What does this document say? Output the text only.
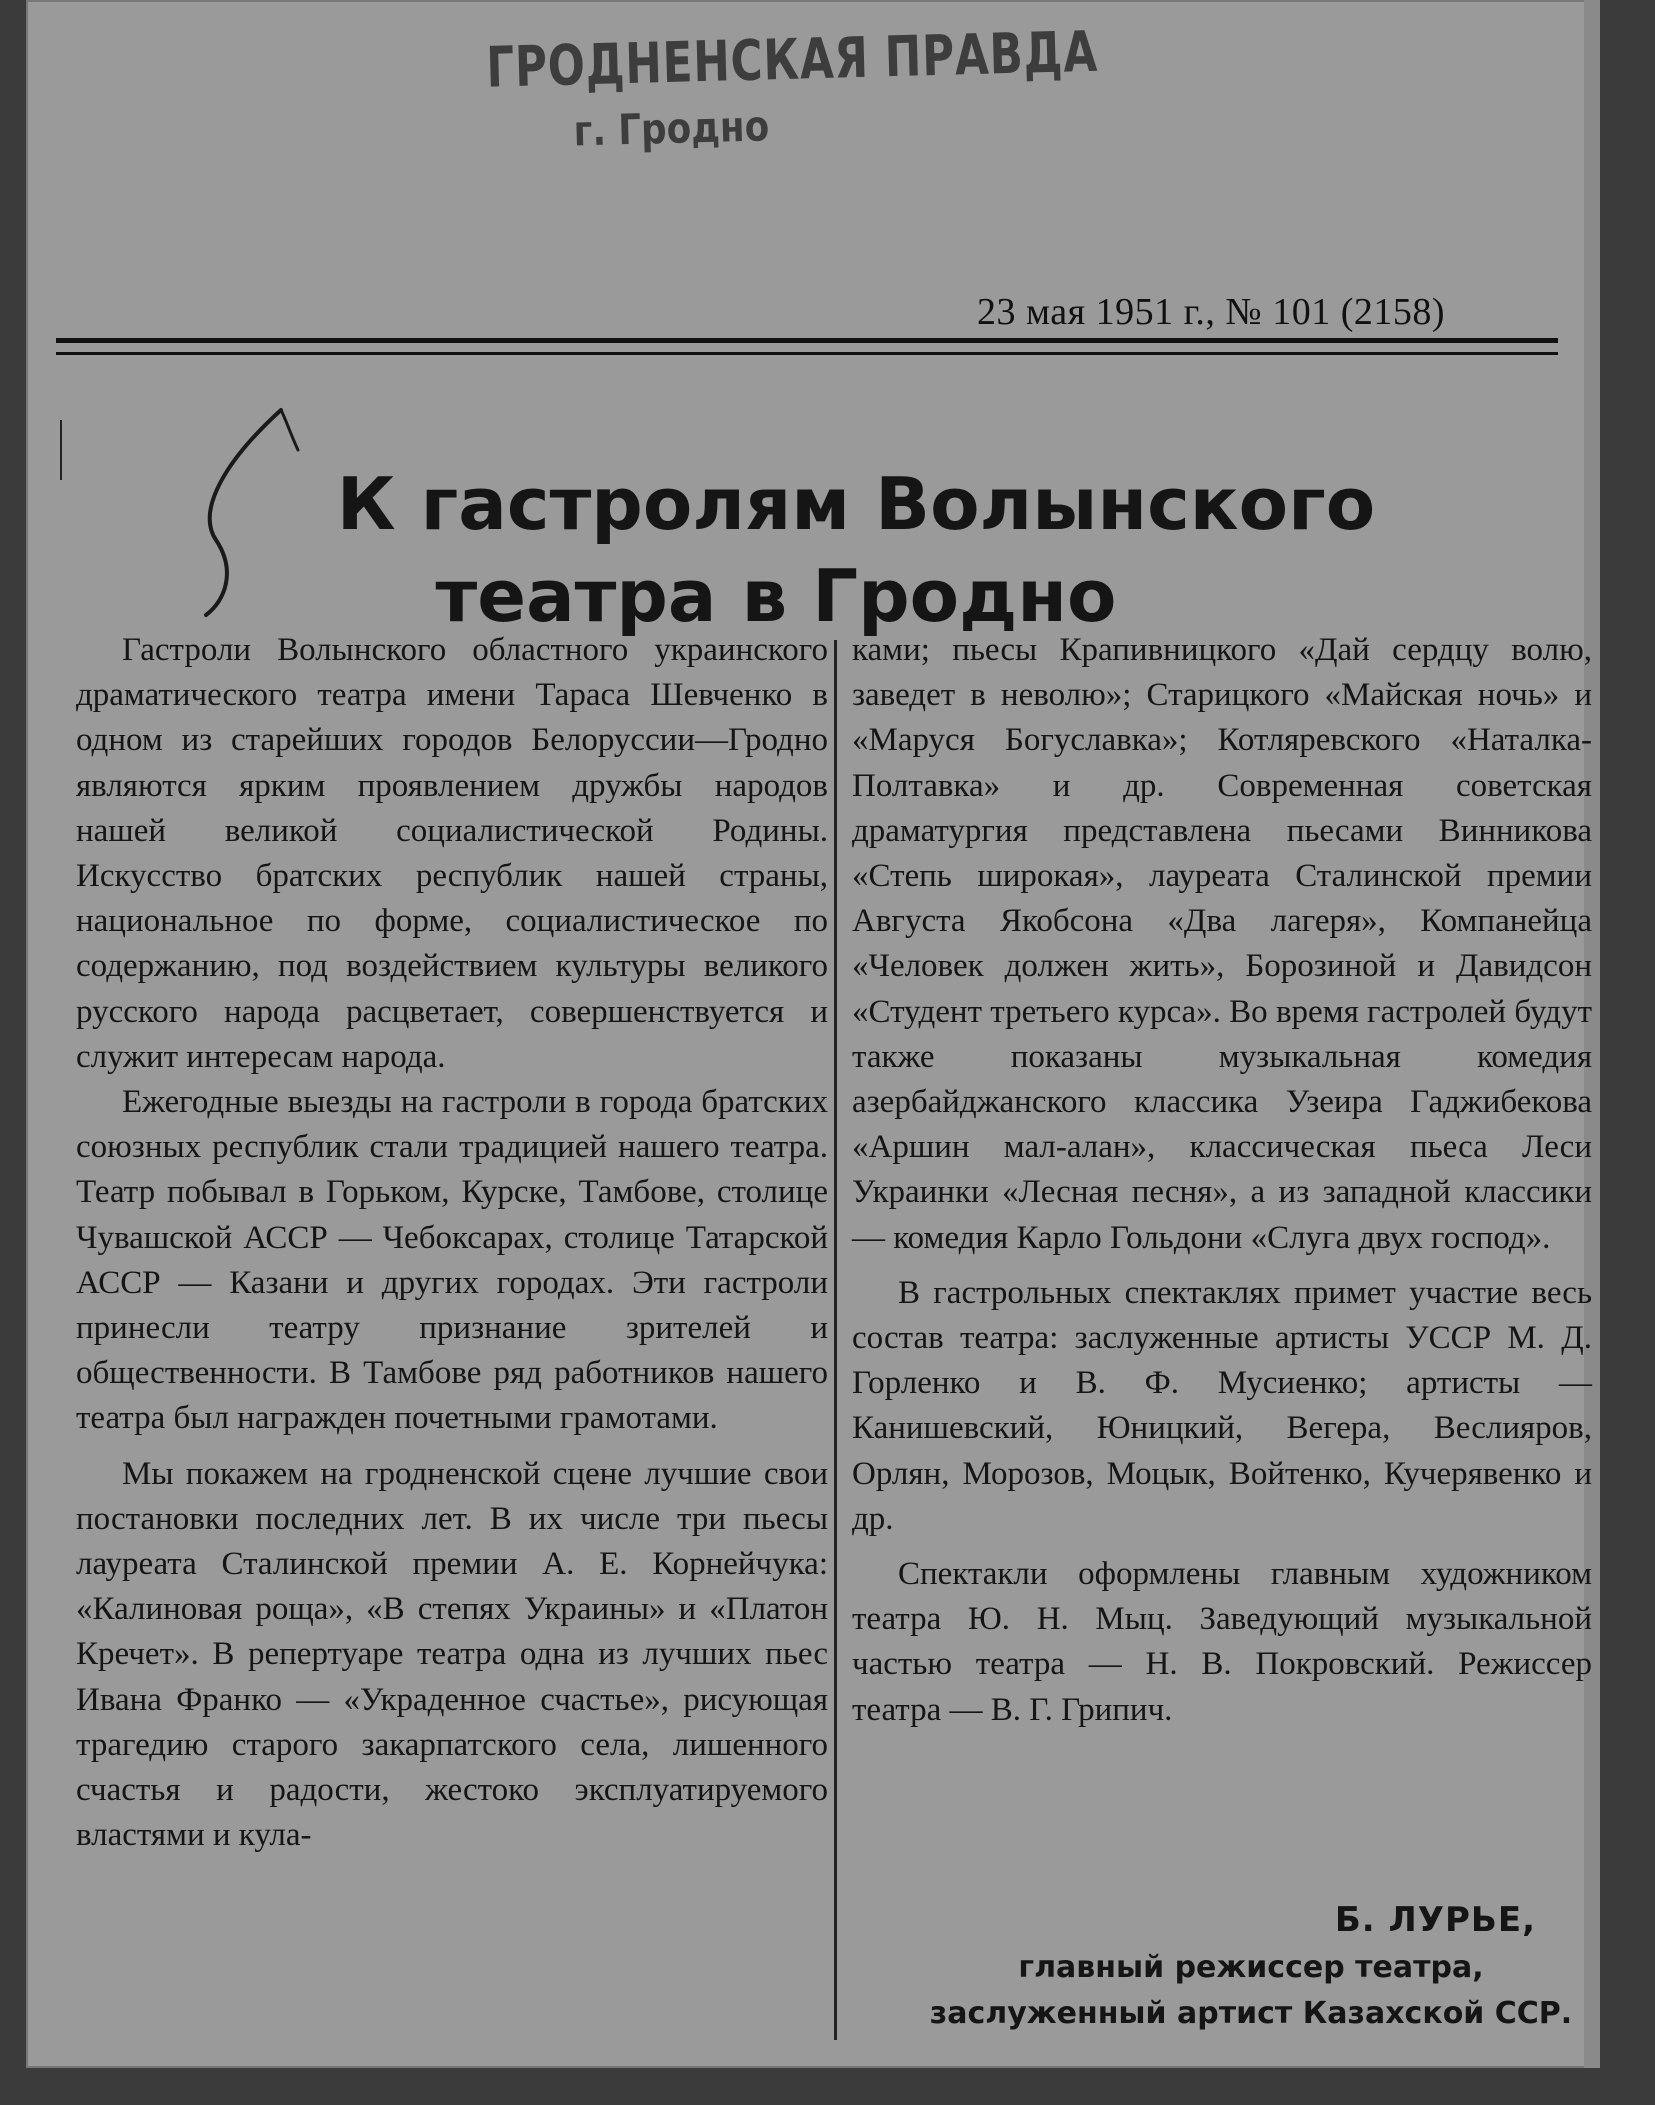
ГРОДНЕНСКАЯ ПРАВДА
г. Гродно
23 мая 1951 г., № 101 (2158)
К гастролям Волынского
театра в Гродно

Гастроли Волынского областного украинского драматического театра имени Тараса Шевченко в одном из старейших городов Белоруссии—Гродно являются ярким проявлением дружбы народов нашей великой социалистической Родины. Искусство братских республик нашей страны, национальное по форме, социалистическое по содержанию, под воздействием культуры великого русского народа расцветает, совершенствуется и служит интересам народа.

Ежегодные выезды на гастроли в города братских союзных республик стали традицией нашего театра. Театр побывал в Горьком, Курске, Тамбове, столице Чувашской АССР — Чебоксарах, столице Татарской АССР — Казани и других городах. Эти гастроли принесли театру признание зрителей и общественности. В Тамбове ряд работников нашего театра был награжден почетными грамотами.

Мы покажем на гродненской сцене лучшие свои постановки последних лет. В их числе три пьесы лауреата Сталинской премии А. Е. Корнейчука: «Калиновая роща», «В степях Украины» и «Платон Кречет». В репертуаре театра одна из лучших пьес Ивана Франко — «Украденное счастье», рисующая трагедию старого закарпатского села, лишенного счастья и радости, жестоко эксплуатируемого властями и кула-

ками; пьесы Крапивницкого «Дай сердцу волю, заведет в неволю»; Старицкого «Майская ночь» и «Маруся Богуславка»; Котляревского «Наталка-Полтавка» и др. Современная советская драматургия представлена пьесами Винникова «Степь широкая», лауреата Сталинской премии Августа Якобсона «Два лагеря», Компанейца «Человек должен жить», Борозиной и Давидсон «Студент третьего курса». Во время гастролей будут также показаны музыкальная комедия азербайджанского классика Узеира Гаджибекова «Аршин мал-алан», классическая пьеса Леси Украинки «Лесная песня», а из западной классики — комедия Карло Гольдони «Слуга двух господ».

В гастрольных спектаклях примет участие весь состав театра: заслуженные артисты УССР М. Д. Горленко и В. Ф. Мусиенко; артисты — Канишевский, Юницкий, Вегера, Веслияров, Орлян, Морозов, Моцык, Войтенко, Кучерявенко и др.

Спектакли оформлены главным художником театра Ю. Н. Мыц. Заведующий музыкальной частью театра — Н. В. Покровский. Режиссер театра — В. Г. Грипич.

Б. ЛУРЬЕ,
главный режиссер театра, заслуженный артист Казахской ССР.
